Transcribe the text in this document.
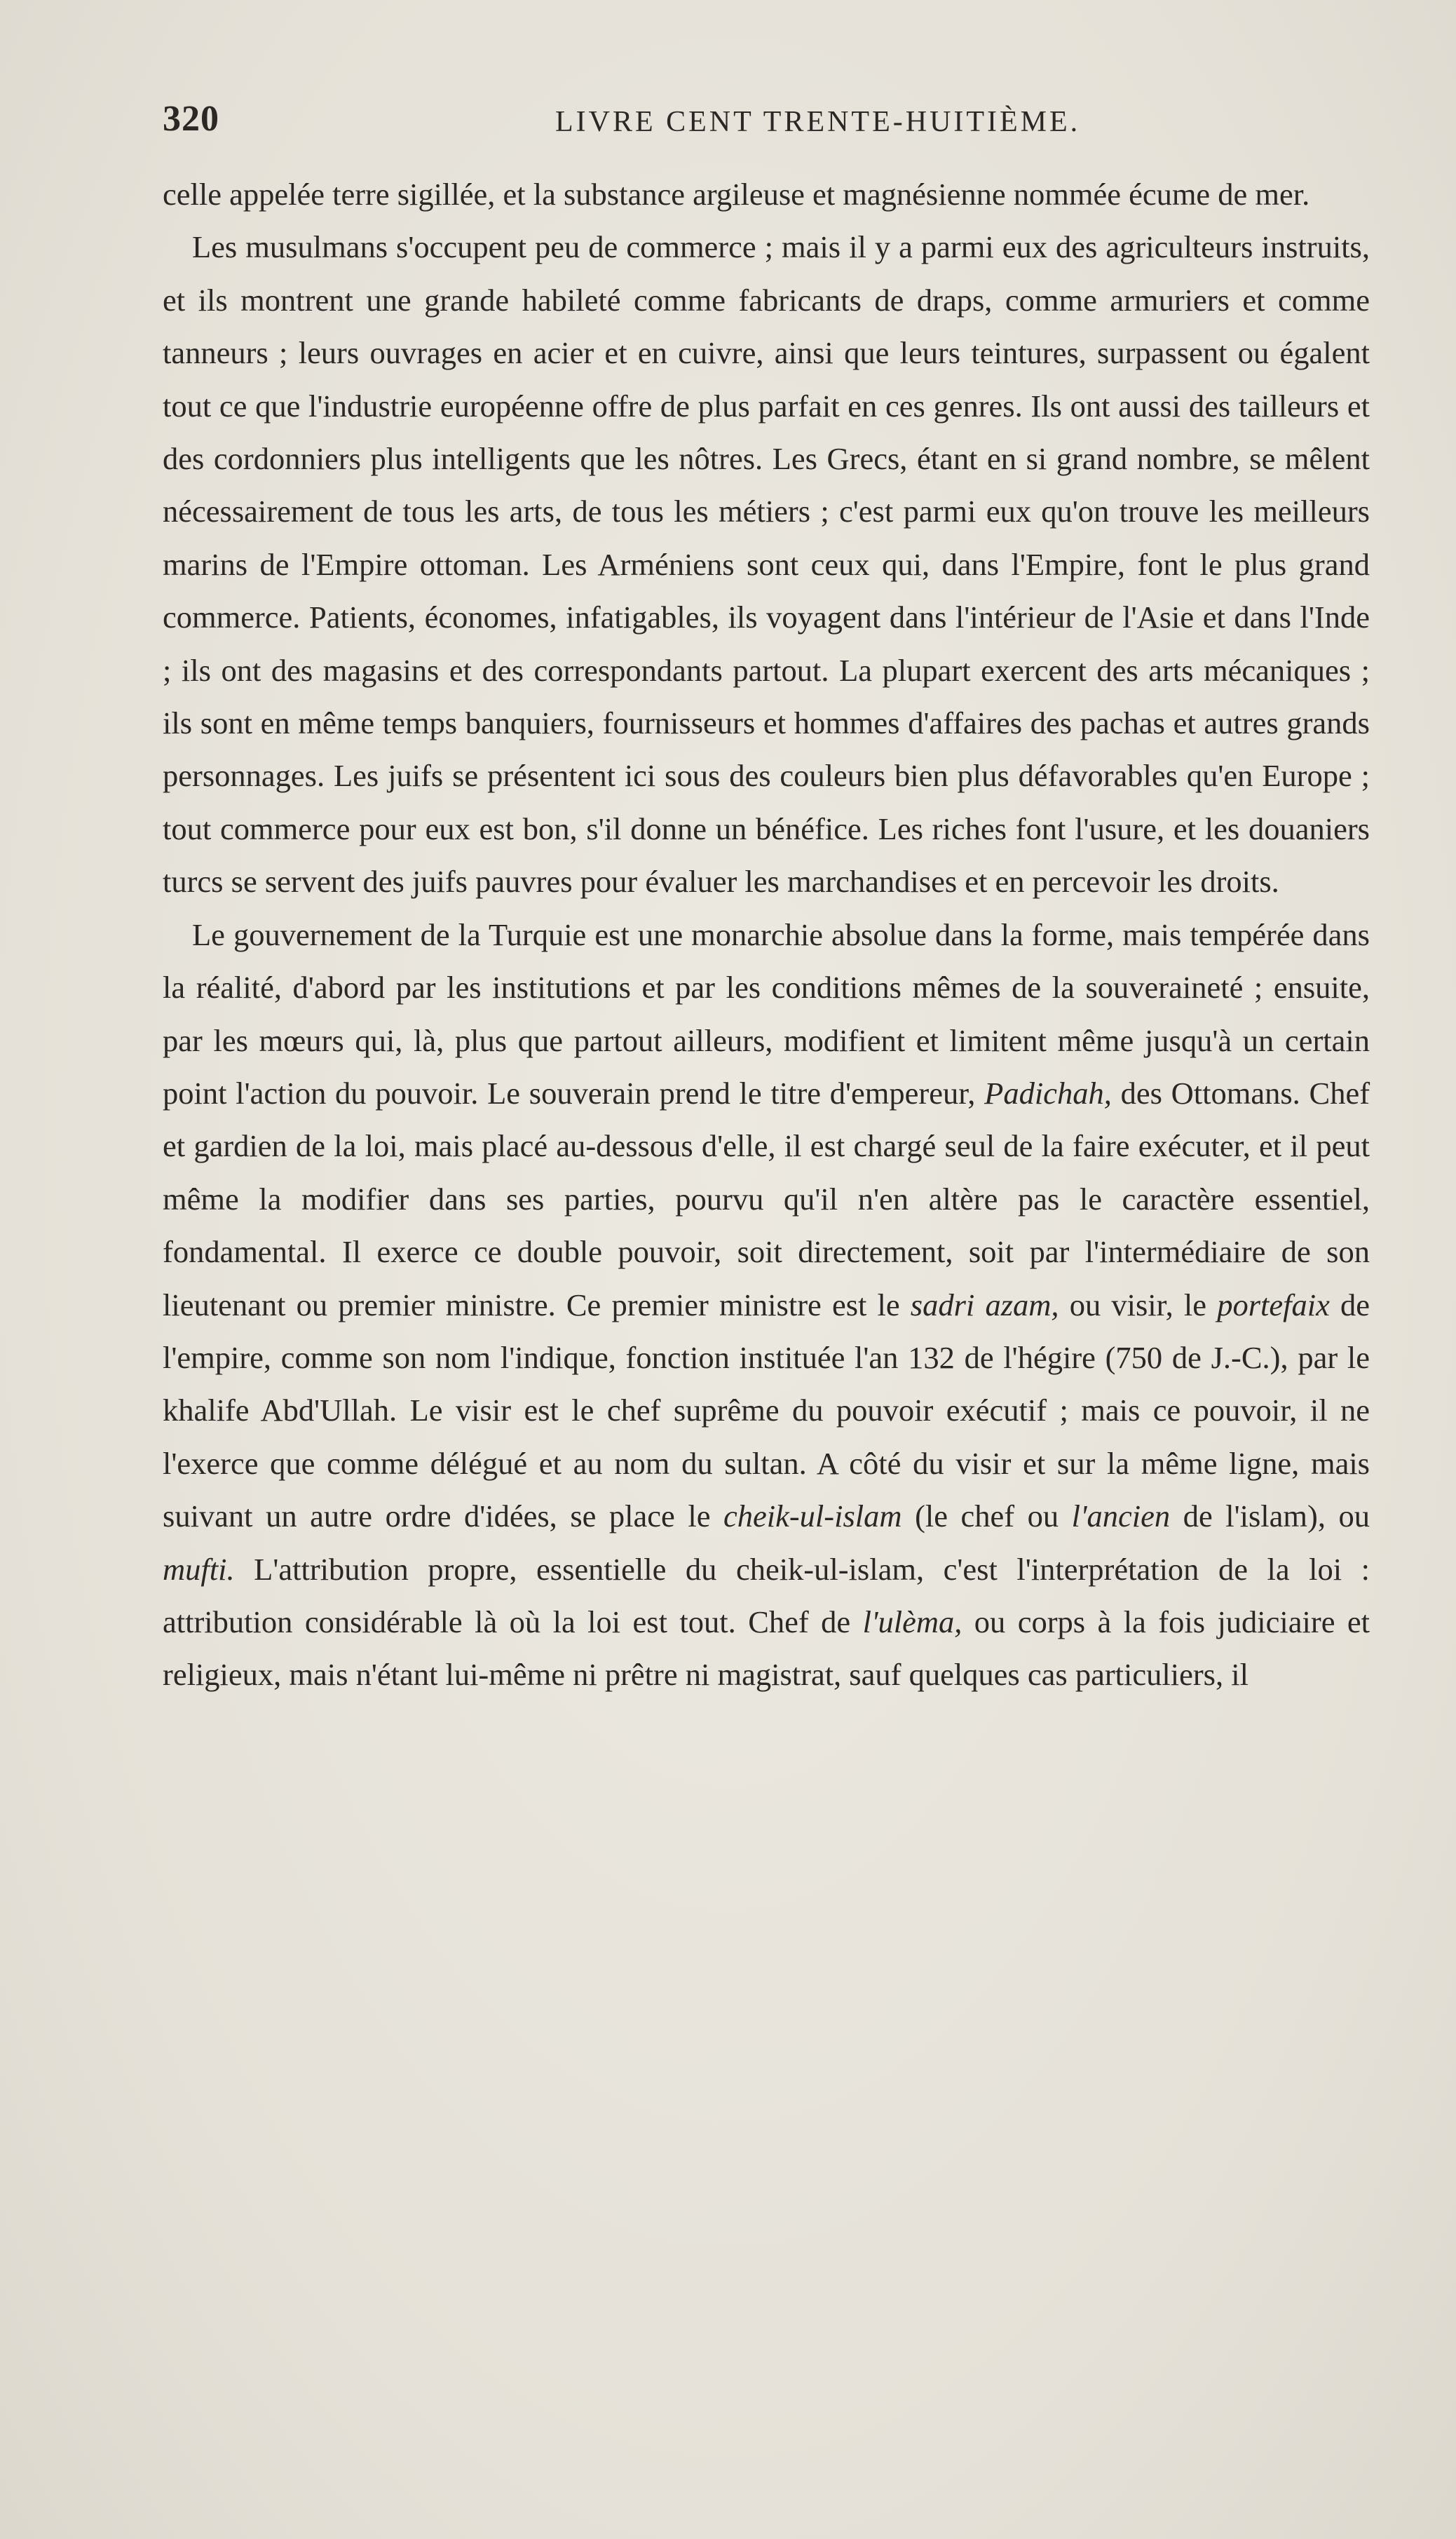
320	LIVRE CENT TRENTE-HUITIÈME.

celle appelée terre sigillée, et la substance argileuse et magnésienne nommée écume de mer.

Les musulmans s'occupent peu de commerce ; mais il y a parmi eux des agriculteurs instruits, et ils montrent une grande habileté comme fabricants de draps, comme armuriers et comme tanneurs ; leurs ouvrages en acier et en cuivre, ainsi que leurs teintures, surpassent ou égalent tout ce que l'industrie européenne offre de plus parfait en ces genres. Ils ont aussi des tailleurs et des cordonniers plus intelligents que les nôtres. Les Grecs, étant en si grand nombre, se mêlent nécessairement de tous les arts, de tous les métiers ; c'est parmi eux qu'on trouve les meilleurs marins de l'Empire ottoman. Les Arméniens sont ceux qui, dans l'Empire, font le plus grand commerce. Patients, économes, infatigables, ils voyagent dans l'intérieur de l'Asie et dans l'Inde ; ils ont des magasins et des correspondants partout. La plupart exercent des arts mécaniques ; ils sont en même temps banquiers, fournisseurs et hommes d'affaires des pachas et autres grands personnages. Les juifs se présentent ici sous des couleurs bien plus défavorables qu'en Europe ; tout commerce pour eux est bon, s'il donne un bénéfice. Les riches font l'usure, et les douaniers turcs se servent des juifs pauvres pour évaluer les marchandises et en percevoir les droits.

Le gouvernement de la Turquie est une monarchie absolue dans la forme, mais tempérée dans la réalité, d'abord par les institutions et par les conditions mêmes de la souveraineté ; ensuite, par les mœurs qui, là, plus que partout ailleurs, modifient et limitent même jusqu'à un certain point l'action du pouvoir. Le souverain prend le titre d'empereur, Padichah, des Ottomans. Chef et gardien de la loi, mais placé au-dessous d'elle, il est chargé seul de la faire exécuter, et il peut même la modifier dans ses parties, pourvu qu'il n'en altère pas le caractère essentiel, fondamental. Il exerce ce double pouvoir, soit directement, soit par l'intermédiaire de son lieutenant ou premier ministre. Ce premier ministre est le sadri azam, ou visir, le portefaix de l'empire, comme son nom l'indique, fonction instituée l'an 132 de l'hégire (750 de J.-C.), par le khalife Abd'Ullah. Le visir est le chef suprême du pouvoir exécutif ; mais ce pouvoir, il ne l'exerce que comme délégué et au nom du sultan. A côté du visir et sur la même ligne, mais suivant un autre ordre d'idées, se place le cheik-ul-islam (le chef ou l'ancien de l'islam), ou mufti. L'attribution propre, essentielle du cheik-ul-islam, c'est l'interprétation de la loi : attribution considérable là où la loi est tout. Chef de l'ulèma, ou corps à la fois judiciaire et religieux, mais n'étant lui-même ni prêtre ni magistrat, sauf quelques cas particuliers, il
